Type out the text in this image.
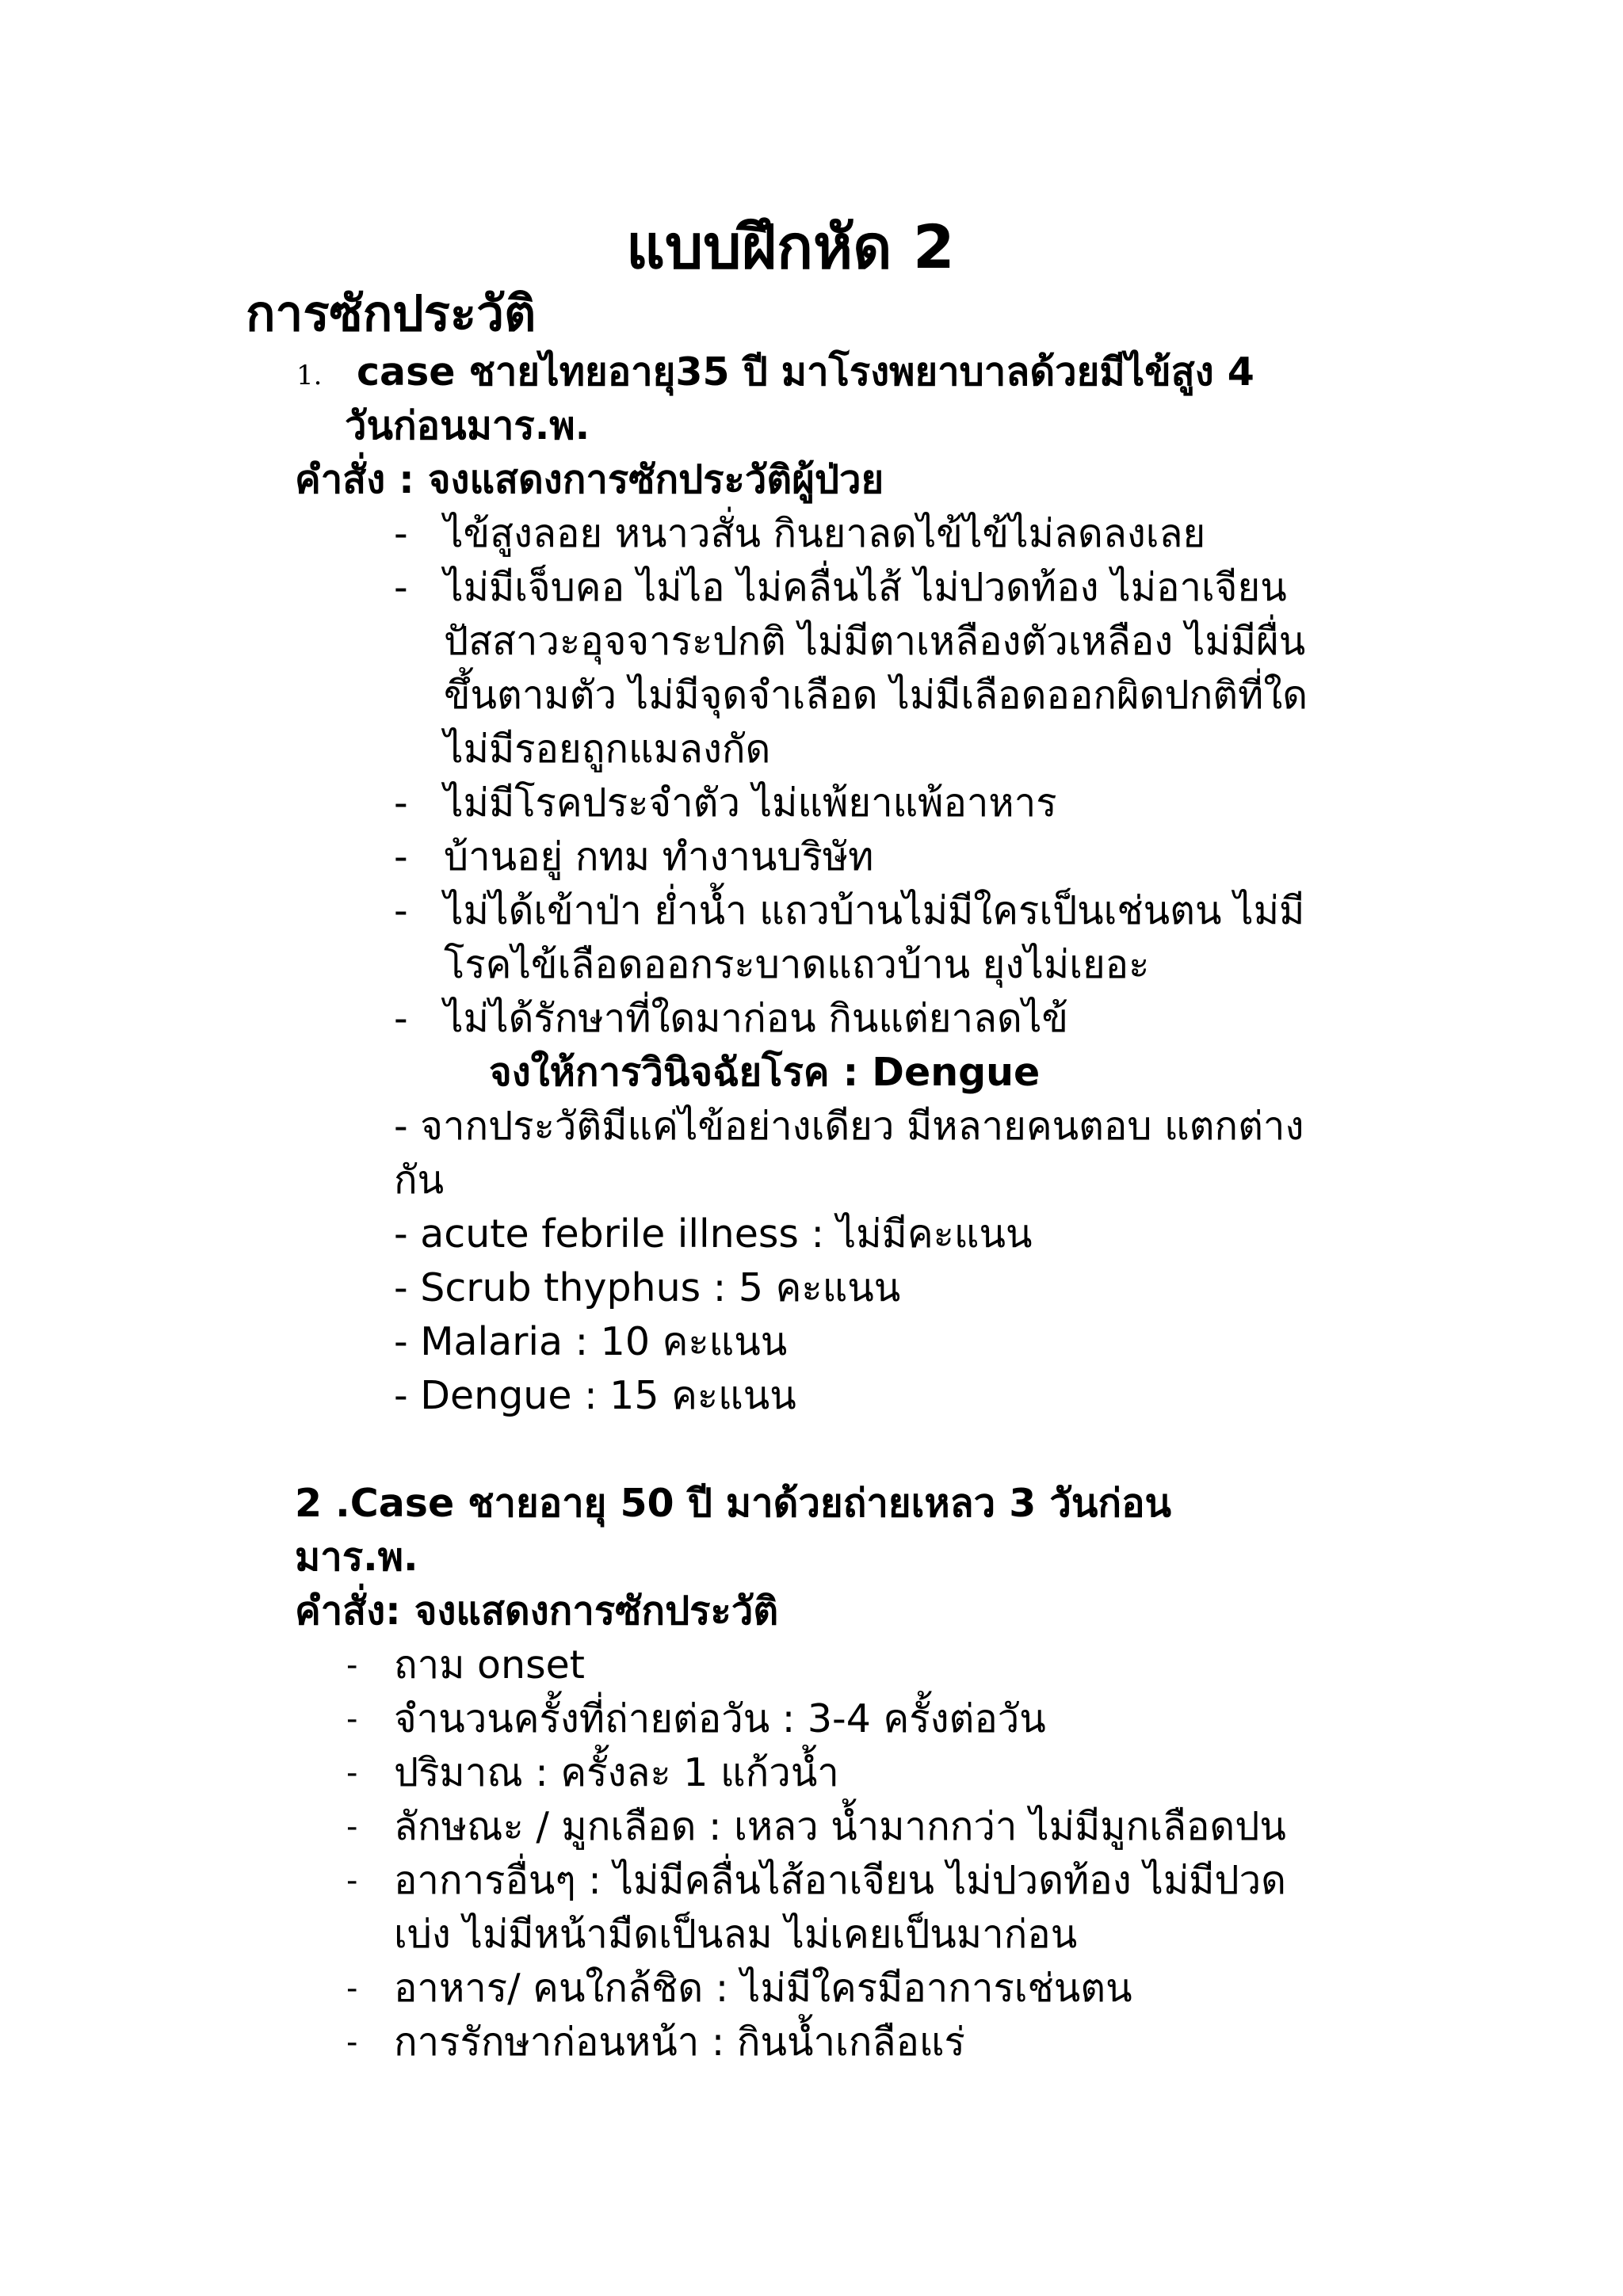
แบบฝึกหัด 2
การซักประวัติ
1. case ชายไทยอายุ35 ปี มาโรงพยาบาลด้วยมีไข้สูง 4
วันก่อนมาร.พ.
คำสั่ง : จงแสดงการซักประวัติผู้ป่วย
- ไข้สูงลอย หนาวสั่น กินยาลดไข้ไข้ไม่ลดลงเลย
- ไม่มีเจ็บคอ ไม่ไอ ไม่คลื่นไส้ ไม่ปวดท้อง ไม่อาเจียน
ปัสสาวะอุจจาระปกติ ไม่มีตาเหลืองตัวเหลือง ไม่มีผื่น
ขึ้นตามตัว ไม่มีจุดจำเลือด ไม่มีเลือดออกผิดปกติที่ใด
ไม่มีรอยถูกแมลงกัด
- ไม่มีโรคประจำตัว ไม่แพ้ยาแพ้อาหาร
- บ้านอยู่ กทม ทำงานบริษัท
- ไม่ได้เข้าป่า ย่ำน้ำ แถวบ้านไม่มีใครเป็นเช่นตน ไม่มี
โรคไข้เลือดออกระบาดแถวบ้าน ยุงไม่เยอะ
- ไม่ได้รักษาที่ใดมาก่อน กินแต่ยาลดไข้
จงให้การวินิจฉัยโรค : Dengue
- จากประวัติมีแค่ไข้อย่างเดียว มีหลายคนตอบ แตกต่าง
กัน
- acute febrile illness : ไม่มีคะแนน
- Scrub thyphus : 5 คะแนน
- Malaria : 10 คะแนน
- Dengue : 15 คะแนน
2 .Case ชายอายุ 50 ปี มาด้วยถ่ายเหลว 3 วันก่อน
มาร.พ.
คำสั่ง: จงแสดงการซักประวัติ
- ถาม onset
- จำนวนครั้งที่ถ่ายต่อวัน : 3-4 ครั้งต่อวัน
- ปริมาณ : ครั้งละ 1 แก้วน้ำ
- ลักษณะ / มูกเลือด : เหลว น้ำมากกว่า ไม่มีมูกเลือดปน
- อาการอื่นๆ : ไม่มีคลื่นไส้อาเจียน ไม่ปวดท้อง ไม่มีปวด
เบ่ง ไม่มีหน้ามืดเป็นลม ไม่เคยเป็นมาก่อน
- อาหาร/ คนใกล้ชิด : ไม่มีใครมีอาการเช่นตน
- การรักษาก่อนหน้า : กินน้ำเกลือแร่
